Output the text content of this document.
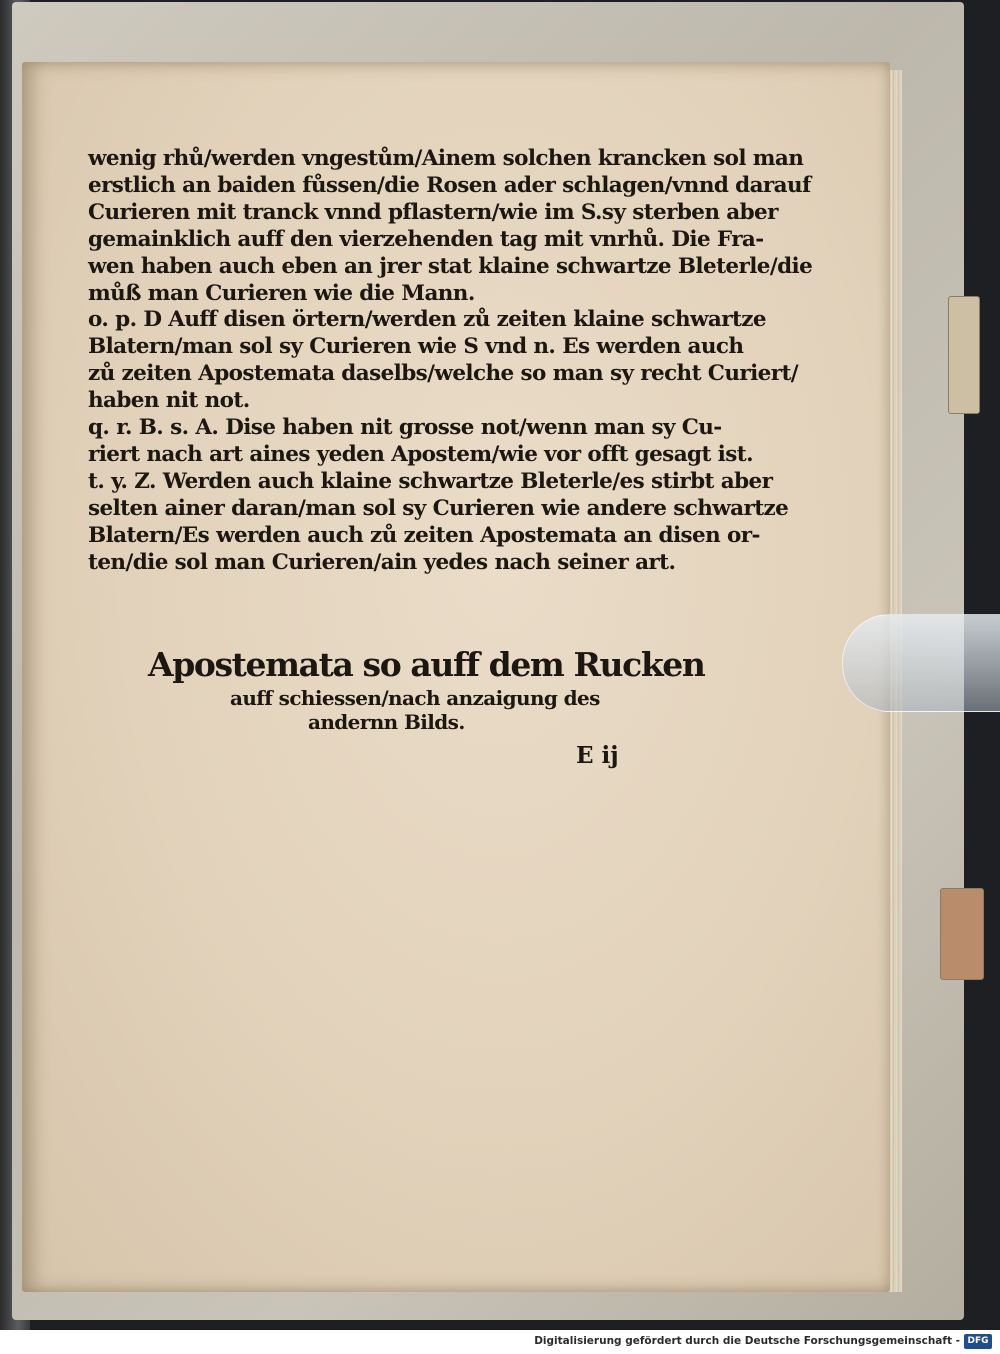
wenig rhů/werden vngestům/Ainem solchen krancken sol man
erstlich an baiden fůssen/die Rosen ader schlagen/vnnd darauf
Curieren mit tranck vnnd pflastern/wie im S.sy sterben aber
gemainklich auff den vierzehenden tag mit vnrhů. Die Fra-
wen haben auch eben an jrer stat klaine schwartze Bleterle/die
můß man Curieren wie die Mann.
o. p. D Auff disen örtern/werden zů zeiten klaine schwartze
Blatern/man sol sy Curieren wie S vnd n. Es werden auch
zů zeiten Apostemata daselbs/welche so man sy recht Curiert/
haben nit not.
q. r. B. s. A. Dise haben nit grosse not/wenn man sy Cu-
riert nach art aines yeden Apostem/wie vor offt gesagt ist.
t. y. Z. Werden auch klaine schwartze Bleterle/es stirbt aber
selten ainer daran/man sol sy Curieren wie andere schwartze
Blatern/Es werden auch zů zeiten Apostemata an disen or-
ten/die sol man Curieren/ain yedes nach seiner art.
Apostemata so auff dem Rucken
auff schiessen/nach anzaigung des
andernn Bilds.
E ij
Digitalisierung gefördert durch die Deutsche Forschungsgemeinschaft - DFG
